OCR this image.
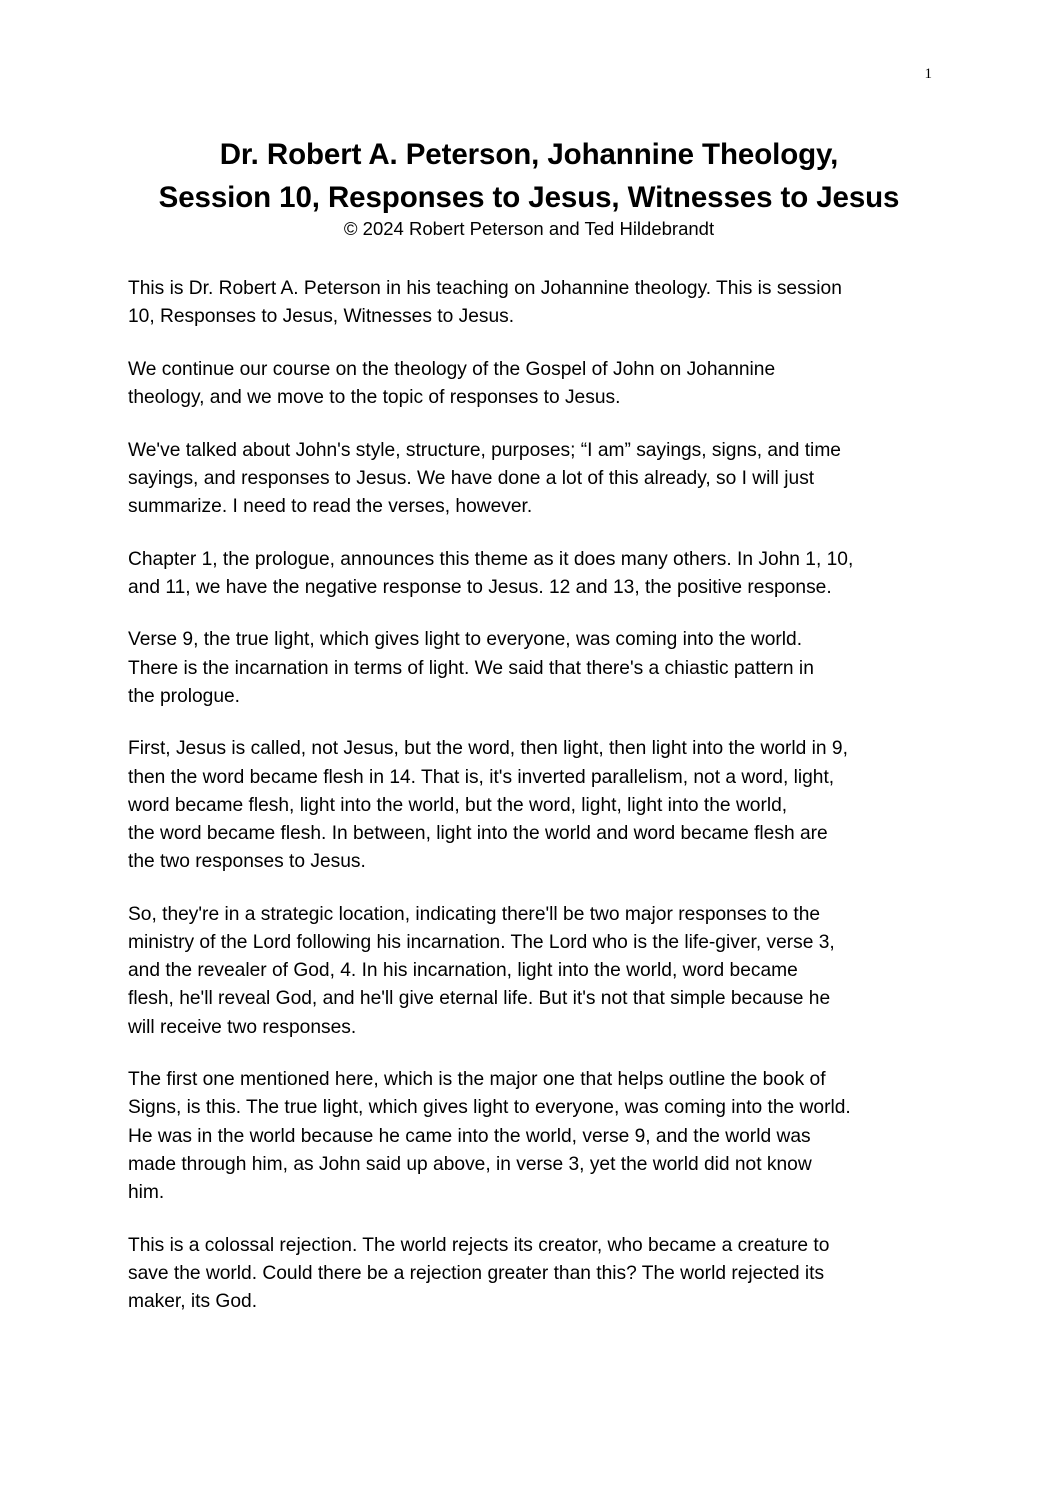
1
Dr. Robert A. Peterson, Johannine Theology,
Session 10, Responses to Jesus, Witnesses to Jesus
© 2024 Robert Peterson and Ted Hildebrandt
This is Dr. Robert A. Peterson in his teaching on Johannine theology. This is session
10, Responses to Jesus, Witnesses to Jesus.
We continue our course on the theology of the Gospel of John on Johannine
theology, and we move to the topic of responses to Jesus.
We've talked about John's style, structure, purposes; “I am” sayings, signs, and time
sayings, and responses to Jesus. We have done a lot of this already, so I will just
summarize. I need to read the verses, however.
Chapter 1, the prologue, announces this theme as it does many others. In John 1, 10,
and 11, we have the negative response to Jesus. 12 and 13, the positive response.
Verse 9, the true light, which gives light to everyone, was coming into the world.
There is the incarnation in terms of light. We said that there's a chiastic pattern in
the prologue.
First, Jesus is called, not Jesus, but the word, then light, then light into the world in 9,
then the word became flesh in 14. That is, it's inverted parallelism, not a word, light,
word became flesh, light into the world, but the word, light, light into the world,
the word became flesh. In between, light into the world and word became flesh are
the two responses to Jesus.
So, they're in a strategic location, indicating there'll be two major responses to the
ministry of the Lord following his incarnation. The Lord who is the life-giver, verse 3,
and the revealer of God, 4. In his incarnation, light into the world, word became
flesh, he'll reveal God, and he'll give eternal life. But it's not that simple because he
will receive two responses.
The first one mentioned here, which is the major one that helps outline the book of
Signs, is this. The true light, which gives light to everyone, was coming into the world.
He was in the world because he came into the world, verse 9, and the world was
made through him, as John said up above, in verse 3, yet the world did not know
him.
This is a colossal rejection. The world rejects its creator, who became a creature to
save the world. Could there be a rejection greater than this? The world rejected its
maker, its God.
